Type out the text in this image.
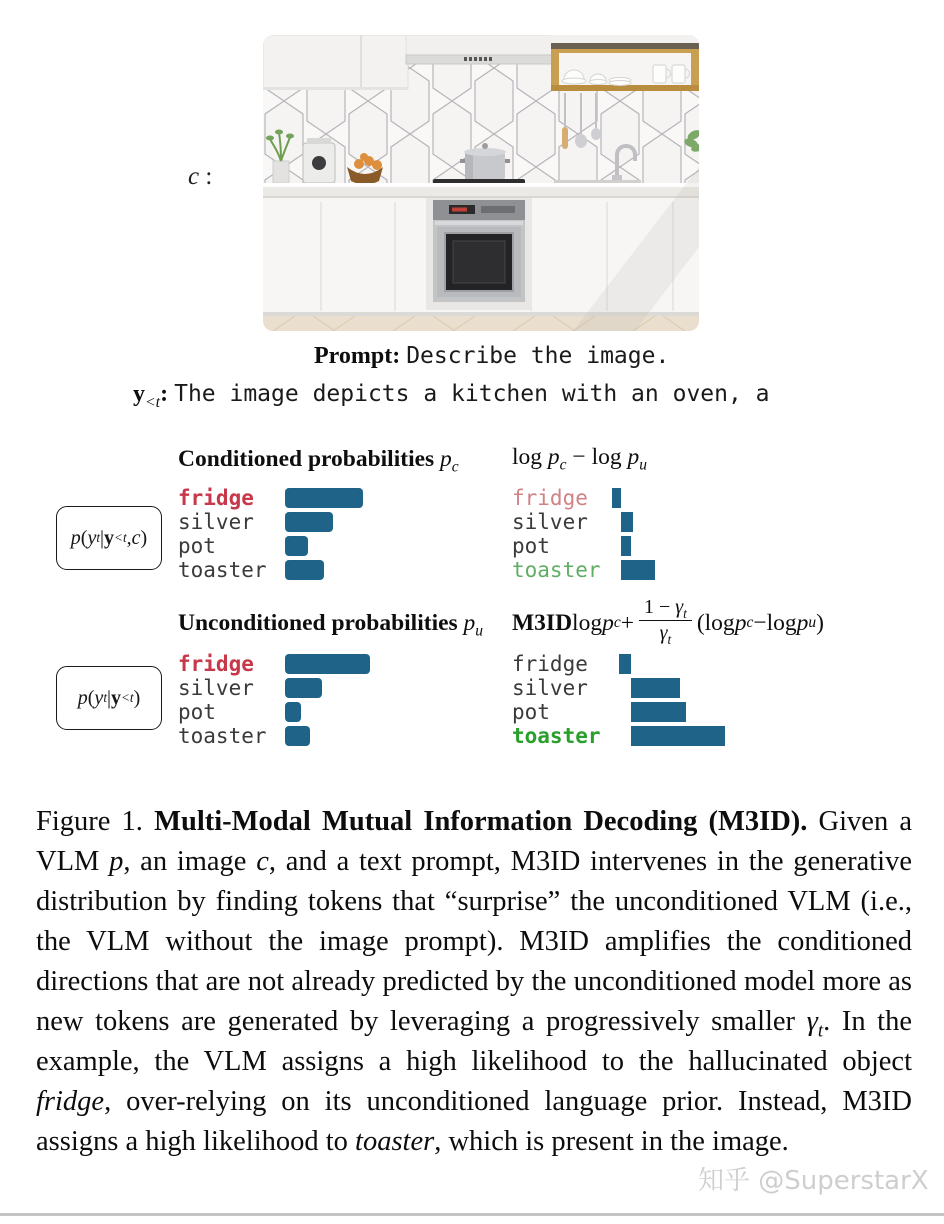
c :
Prompt: Describe the image.
$y_{<t}$: The image depicts a kitchen with an oven, a
Conditioned probabilities $p_c$ $\log p_c - \log p_u$
Unconditioned probabilities $p_u$ M3ID log p $c + \frac{1 - \gamma_t}{\gamma_t}$ ( log p c − log p u )
p ( y t | y <t , c )
p ( y t | y <t )
fridge
silver
pot
toaster
fridge
silver
pot
toaster
fridge
silver
pot
toaster
fridge
silver
pot
toaster
Figure 1. Multi-Modal Mutual Information Decoding (M3ID). Given a VLM p, an image c, and a text prompt, M3ID intervenes in the generative distribution by finding tokens that “surprise” the unconditioned VLM (i.e., the VLM without the image prompt). M3ID amplifies the conditioned directions that are not already predicted by the unconditioned model more as new tokens are generated by leveraging a progressively smaller $\gamma_t$. In the example, the VLM assigns a high likelihood to the hallucinated object fridge, over-relying on its unconditioned language prior. Instead, M3ID assigns a high likelihood to toaster, which is present in the image.
知乎 @SuperstarX
